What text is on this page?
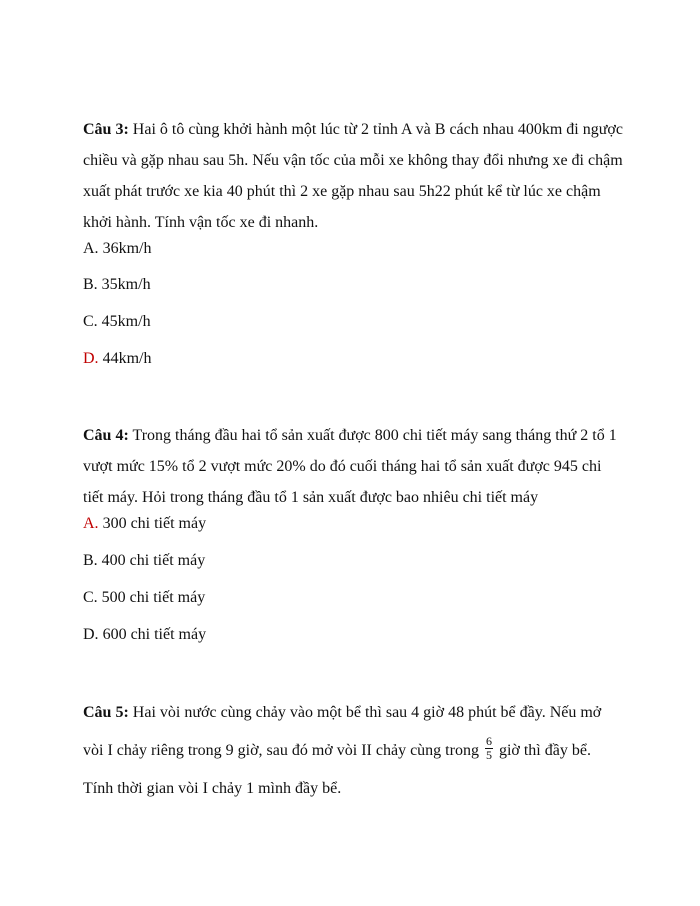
Câu 3: Hai ô tô cùng khởi hành một lúc từ 2 tỉnh A và B cách nhau 400km đi ngược chiều và gặp nhau sau 5h. Nếu vận tốc của mỗi xe không thay đổi nhưng xe đi chậm xuất phát trước xe kia 40 phút thì 2 xe gặp nhau sau 5h22 phút kể từ lúc xe chậm khởi hành. Tính vận tốc xe đi nhanh.
A. 36km/h
B. 35km/h
C. 45km/h
D. 44km/h
Câu 4: Trong tháng đầu hai tổ sản xuất được 800 chi tiết máy sang tháng thứ 2 tổ 1 vượt mức 15% tổ 2 vượt mức 20% do đó cuối tháng hai tổ sản xuất được 945 chi tiết máy. Hỏi trong tháng đầu tổ 1 sản xuất được bao nhiêu chi tiết máy
A. 300 chi tiết máy
B. 400 chi tiết máy
C. 500 chi tiết máy
D. 600 chi tiết máy
Câu 5: Hai vòi nước cùng chảy vào một bể thì sau 4 giờ 48 phút bể đầy. Nếu mở vòi I chảy riêng trong 9 giờ, sau đó mở vòi II chảy cùng trong $\frac{6}{5}$ giờ thì đầy bể. Tính thời gian vòi I chảy 1 mình đầy bể.
